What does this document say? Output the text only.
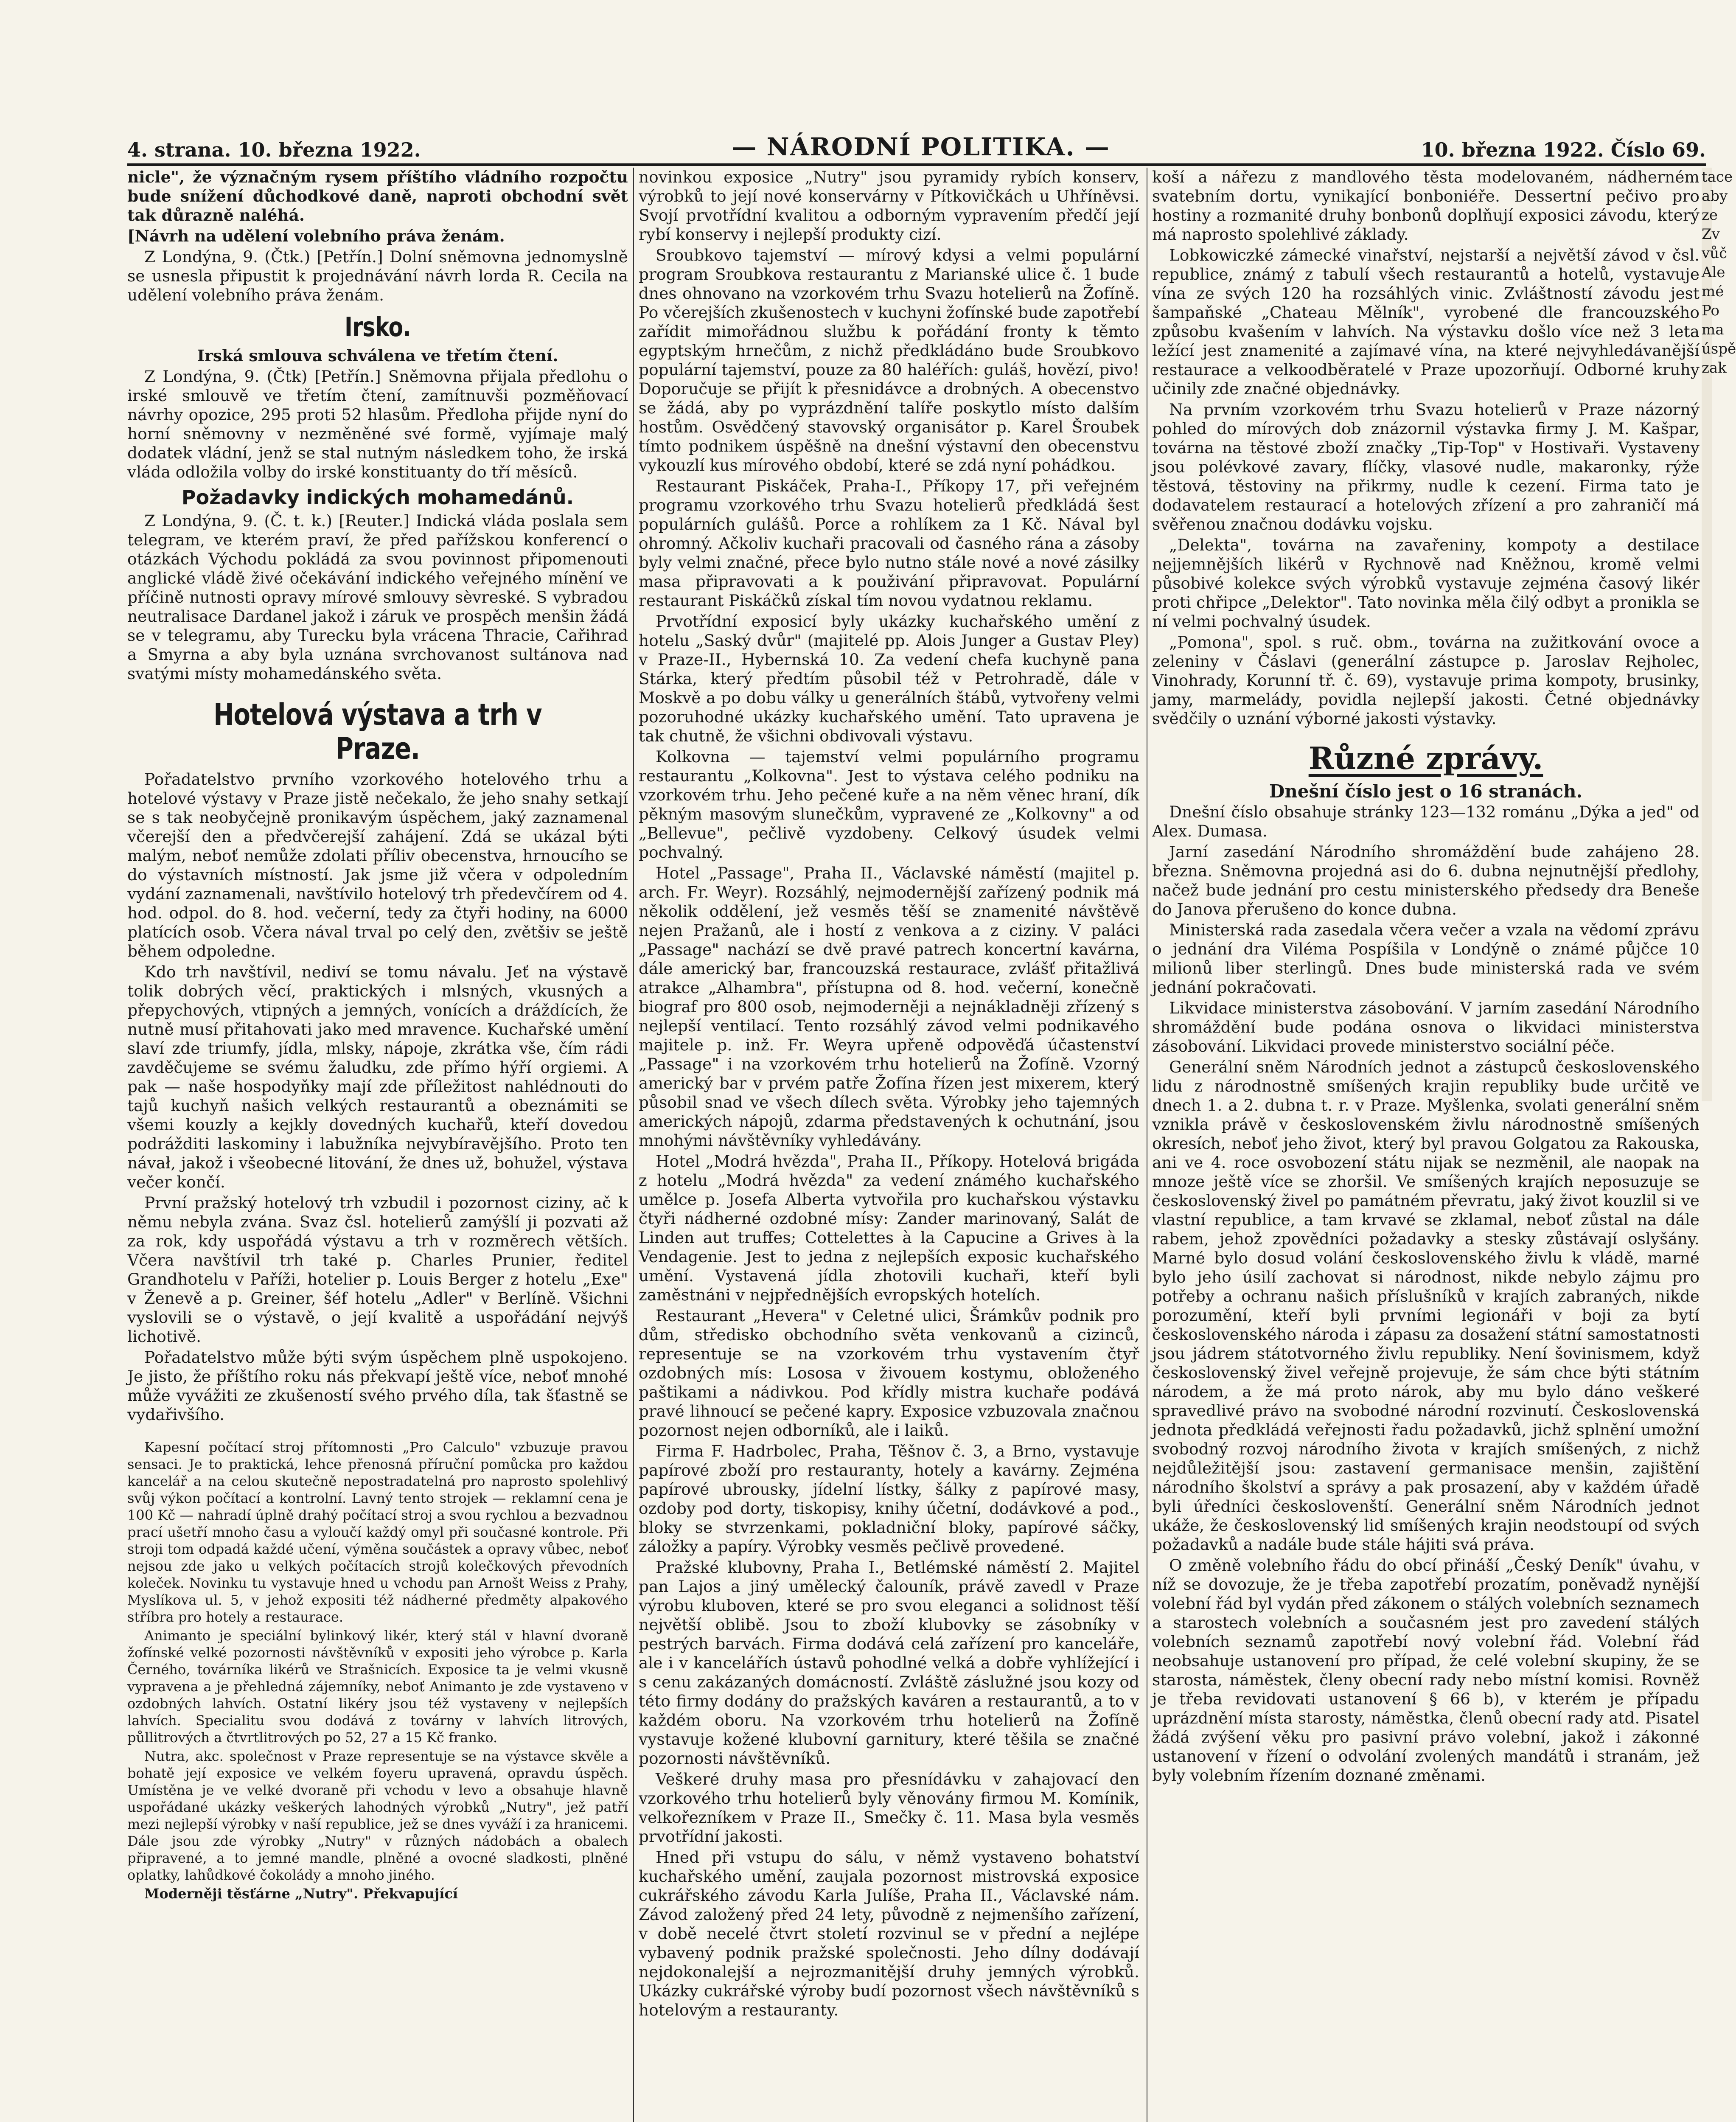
4. strana. 10. března 1922.	— NÁRODNÍ POLITIKA. —	10. března 1922. Číslo 69.

nicle", že význačným rysem příštího vládního rozpočtu bude snížení důchodkové daně, naproti obchodní svět tak důrazně naléhá.

[Návrh na udělení volebního práva ženám.

Z Londýna, 9. (Čtk.) [Petřín.] Dolní sněmovna jednomyslně se usnesla připustit k projednávání návrh lorda R. Cecila na udělení volebního práva ženám.

Irsko.

Irská smlouva schválena ve třetím čtení.

Z Londýna, 9. (Čtk) [Petřín.] Sněmovna přijala předlohu o irské smlouvě ve třetím čtení, zamítnuvši pozměňovací návrhy opozice, 295 proti 52 hlasům. Předloha přijde nyní do horní sněmovny v nezměněné své formě, vyjímaje malý dodatek vládní, jenž se stal nutným následkem toho, že irská vláda odložila volby do irské konstituanty do tří měsíců.

Požadavky indických mohamedánů.

Z Londýna, 9. (Č. t. k.) [Reuter.] Indická vláda poslala sem telegram, ve kterém praví, že před pařížskou konferencí o otázkách Východu pokládá za svou povinnost připomenouti anglické vládě živé očekávání indického veřejného mínění ve příčině nutnosti opravy mírové smlouvy sèvreské. S vybradou neutralisace Dardanel jakož i záruk ve prospěch menšin žádá se v telegramu, aby Turecku byla vrácena Thracie, Cařihrad a Smyrna a aby byla uznána svrchovanost sultánova nad svatými místy mohamedánského světa.

Hotelová výstava a trh v Praze.

Pořadatelstvo prvního vzorkového hotelového trhu a hotelové výstavy v Praze jistě nečekalo, že jeho snahy setkají se s tak neobyčejně pronikavým úspěchem, jaký zaznamenal včerejší den a předvčerejší zahájení. Zdá se ukázal býti malým, neboť nemůže zdolati příliv obecenstva, hrnoucího se do výstavních místností. Jak jsme již včera v odpoledním vydání zaznamenali, navštívilo hotelový trh předevčírem od 4. hod. odpol. do 8. hod. večerní, tedy za čtyři hodiny, na 6000 platících osob. Včera nával trval po celý den, zvětšiv se ještě během odpoledne.

Kdo trh navštívil, nediví se tomu návalu. Jeť na výstavě tolik dobrých věcí, praktických i mlsných, vkusných a přepychových, vtipných a jemných, vonících a dráždících, že nutně musí přitahovati jako med mravence. Kuchařské umění slaví zde triumfy, jídla, mlsky, nápoje, zkrátka vše, čím rádi zavděčujeme se svému žaludku, zde přímo hýří orgiemi. A pak — naše hospodyňky mají zde příležitost nahlédnouti do tajů kuchyň našich velkých restaurantů a obeznámiti se všemi kouzly a kejkly dovedných kuchařů, kteří dovedou podrážditi laskominy i labužníka nejvybíravějšího. Proto ten návał, jakož i všeobecné litování, že dnes už, bohužel, výstava večer končí.

První pražský hotelový trh vzbudil i pozornost ciziny, ač k němu nebyla zvána. Svaz čsl. hotelierů zamýšlí ji pozvati až za rok, kdy uspořádá výstavu a trh v rozměrech větších. Včera navštívil trh také p. Charles Prunier, ředitel Grandhotelu v Paříži, hotelier p. Louis Berger z hotelu „Exe" v Ženevě a p. Greiner, šéf hotelu „Adler" v Berlíně. Všichni vyslovili se o výstavě, o její kvalitě a uspořádání nejvýš lichotivě.

Pořadatelstvo může býti svým úspěchem plně uspokojeno. Je jisto, že příštího roku nás překvapí ještě více, neboť mnohé může vyvážiti ze zkušeností svého prvého díla, tak šťastně se vydařivšího.

Kapesní počítací stroj přítomnosti „Pro Calculo" vzbuzuje pravou sensaci. Je to praktická, lehce přenosná příruční pomůcka pro každou kancelář a na celou skutečně nepostradatelná pro naprosto spolehlivý svůj výkon počítací a kontrolní. Lavný tento strojek — reklamní cena je 100 Kč — nahradí úplně drahý počítací stroj a svou rychlou a bezvadnou prací ušetří mnoho času a vyloučí každý omyl při současné kontrole. Při stroji tom odpadá každé učení, výměna součástek a opravy vůbec, neboť nejsou zde jako u velkých počítacích strojů kolečkových převodních koleček. Novinku tu vystavuje hned u vchodu pan Arnošt Weiss z Prahy, Myslíkova ul. 5, v jehož expositi též nádherné předměty alpakového stříbra pro hotely a restaurace.

Animanto je speciální bylinkový likér, který stál v hlavní dvoraně žofínské velké pozornosti návštěvníků v expositi jeho výrobce p. Karla Černého, továrníka likérů ve Strašnicích. Exposice ta je velmi vkusně vypravena a je přehledná zájemníky, neboť Animanto je zde vystaveno v ozdobných lahvích. Ostatní likéry jsou též vystaveny v nejlepších lahvích. Specialitu svou dodává z továrny v lahvích litrových, půllitrových a čtvrtlitrových po 52, 27 a 15 Kč franko.

Nutra, akc. společnost v Praze representuje se na výstavce skvěle a bohatě její exposice ve velkém foyeru upravená, opravdu úspěch. Umístěna je ve velké dvoraně při vchodu v levo a obsahuje hlavně uspořádané ukázky veškerých lahodných výrobků „Nutry", jež patří mezi nejlepší výrobky v naší republice, jež se dnes vyváží i za hranicemi. Dále jsou zde výrobky „Nutry" v různých nádobách a obalech připravené, a to jemné mandle, plněné a ovocné sladkosti, plněné oplatky, lahůdkové čokolády a mnoho jiného.

Moderněji těsťárne „Nutry". Překvapující

novinkou exposice „Nutry" jsou pyramidy rybích konserv, výrobků to její nové konservárny v Pítkovičkách u Uhříněvsi. Svojí prvotřídní kvalitou a odborným vypravením předčí její rybí konservy i nejlepší produkty cizí.

Sroubkovo tajemství — mírový kdysi a velmi populární program Sroubkova restaurantu z Marianské ulice č. 1 bude dnes ohnovano na vzorkovém trhu Svazu hotelierů na Žofíně. Po včerejších zkušenostech v kuchyni žofínské bude zapotřebí zařídit mimořádnou službu k pořádání fronty k těmto egyptským hrnečům, z nichž předkládáno bude Sroubkovo populární tajemství, pouze za 80 haléřích: guláš, hovězí, pivo! Doporučuje se přijít k přesnidávce a drobných. A obecenstvo se žádá, aby po vyprázdnění talíře poskytlo místo dalším hostům. Osvědčený stavovský organisátor p. Karel Šroubek tímto podnikem úspěšně na dnešní výstavní den obecenstvu vykouzlí kus mírového období, které se zdá nyní pohádkou.

Restaurant Piskáček, Praha-I., Příkopy 17, při veřejném programu vzorkového trhu Svazu hotelierů předkládá šest populárních gulášů. Porce a rohlíkem za 1 Kč. Nával byl ohromný. Ačkoliv kuchaři pracovali od časného rána a zásoby byly velmi značné, přece bylo nutno stále nové a nové zásilky masa připravovati a k použivání připravovat. Populární restaurant Piskáčků získal tím novou vydatnou reklamu.

Prvotřídní exposicí byly ukázky kuchařského umění z hotelu „Saský dvůr" (majitelé pp. Alois Junger a Gustav Pley) v Praze-II., Hybernská 10. Za vedení chefa kuchyně pana Stárka, který předtím působil též v Petrohradě, dále v Moskvě a po dobu války u generálních štábů, vytvořeny velmi pozoruhodné ukázky kuchařského umění. Tato upravena je tak chutně, že všichni obdivovali výstavu.

Kolkovna — tajemství velmi populárního programu restaurantu „Kolkovna". Jest to výstava celého podniku na vzorkovém trhu. Jeho pečené kuře a na něm věnec hraní, dík pěkným masovým slunečkům, vypravené ze „Kolkovny" a od „Bellevue", pečlivě vyzdobeny. Celkový úsudek velmi pochvalný.

Hotel „Passage", Praha II., Václavské náměstí (majitel p. arch. Fr. Weyr). Rozsáhlý, nejmodernější zařízený podnik má několik oddělení, jež vesměs těší se znamenité návštěvě nejen Pražanů, ale i hostí z venkova a z ciziny. V paláci „Passage" nachází se dvě pravé patrech koncertní kavárna, dále americký bar, francouzská restaurace, zvlášť přitažlivá atrakce „Alhambra", přístupna od 8. hod. večerní, konečně biograf pro 800 osob, nejmoderněji a nejnákladněji zřízený s nejlepší ventilací. Tento rozsáhlý závod velmi podnikavého majitele p. inž. Fr. Weyra upřeně odpověďá účastenství „Passage" i na vzorkovém trhu hotelierů na Žofíně. Vzorný americký bar v prvém patře Žofína řízen jest mixerem, který působil snad ve všech dílech světa. Výrobky jeho tajemných amerických nápojů, zdarma představených k ochutnání, jsou mnohými návštěvníky vyhledávány.

Hotel „Modrá hvězda", Praha II., Příkopy. Hotelová brigáda z hotelu „Modrá hvězda" za vedení známého kuchařského umělce p. Josefa Alberta vytvořila pro kuchařskou výstavku čtyři nádherné ozdobné mísy: Zander marinovaný, Salát de Linden aut truffes; Cottelettes à la Capucine a Grives à la Vendagenie. Jest to jedna z nejlepších exposic kuchařského umění. Vystavená jídla zhotovili kuchaři, kteří byli zaměstnáni v nejpřednějších evropských hotelích.

Restaurant „Hevera" v Celetné ulici, Šrámkův podnik pro dům, středisko obchodního světa venkovanů a cizinců, representuje se na vzorkovém trhu vystavením čtyř ozdobných mís: Lososa v živouem kostymu, obloženého paštikami a nádivkou. Pod křídly mistra kuchaře podává pravé lihnoucí se pečené kapry. Exposice vzbuzovala značnou pozornost nejen odborníků, ale i laiků.

Firma F. Hadrbolec, Praha, Těšnov č. 3, a Brno, vystavuje papírové zboží pro restauranty, hotely a kavárny. Zejména papírové ubrousky, jídelní lístky, šálky z papírové masy, ozdoby pod dorty, tiskopisy, knihy účetní, dodávkové a pod., bloky se stvrzenkami, pokladniční bloky, papírové sáčky, záložky a papíry. Výrobky vesměs pečlivě provedené.

Pražské klubovny, Praha I., Betlémské náměstí 2. Majitel pan Lajos a jiný umělecký čalouník, právě zavedl v Praze výrobu kluboven, které se pro svou eleganci a solidnost těší největší oblibě. Jsou to zboží klubovky se zásobníky v pestrých barvách. Firma dodává celá zařízení pro kanceláře, ale i v kancelářích ústavů pohodlné velká a dobře vyhlížející i s cenu zakázaných domácností. Zvláště záslužné jsou kozy od této firmy dodány do pražských kaváren a restaurantů, a to v každém oboru. Na vzorkovém trhu hotelierů na Žofíně vystavuje kožené klubovní garnitury, které těšila se značné pozornosti návštěvníků.

Veškeré druhy masa pro přesnídávku v zahajovací den vzorkového trhu hotelierů byly věnovány firmou M. Komínik, velkořezníkem v Praze II., Smečky č. 11. Masa byla vesměs prvotřídní jakosti.

Hned při vstupu do sálu, v němž vystaveno bohatství kuchařského umění, zaujala pozornost mistrovská exposice cukrářského závodu Karla Julíše, Praha II., Václavské nám. Závod založený před 24 lety, původně z nejmenšího zařízení, v době necelé čtvrt století rozvinul se v přední a nejlépe vybavený podnik pražské společnosti. Jeho dílny dodávají nejdokonalejší a nejrozmanitější druhy jemných výrobků. Ukázky cukrářské výroby budí pozornost všech návštěvníků s hotelovým a restauranty.

koší a nářezu z mandlového těsta modelovaném, nádherném svatebním dortu, vynikající bonboniéře. Dessertní pečivo pro hostiny a rozmanité druhy bonbonů doplňují exposici závodu, který má naprosto spolehlivé základy.

Lobkowiczké zámecké vinařství, nejstarší a největší závod v čsl. republice, známý z tabulí všech restaurantů a hotelů, vystavuje vína ze svých 120 ha rozsáhlých vinic. Zvláštností závodu jest šampaňské „Chateau Mělník", vyrobené dle francouzského způsobu kvašením v lahvích. Na výstavku došlo více než 3 leta ležící jest znamenité a zajímavé vína, na které nejvyhledávanější restaurace a velkoodběratelé v Praze upozorňují. Odborné kruhy učinily zde značné objednávky.

Na prvním vzorkovém trhu Svazu hotelierů v Praze názorný pohled do mírových dob znázornil výstavka firmy J. M. Kašpar, továrna na těstové zboží značky „Tip-Top" v Hostivaři. Vystaveny jsou polévkové zavary, flíčky, vlasové nudle, makaronky, rýže těstová, těstoviny na přikrmy, nudle k cezení. Firma tato je dodavatelem restaurací a hotelových zřízení a pro zahraničí má svěřenou značnou dodávku vojsku.

„Delekta", továrna na zavařeniny, kompoty a destilace nejjemnějších likérů v Rychnově nad Kněžnou, kromě velmi působivé kolekce svých výrobků vystavuje zejména časový likér proti chřipce „Delektor". Tato novinka měla čilý odbyt a pronikla se ní velmi pochvalný úsudek.

„Pomona", spol. s ruč. obm., továrna na zužitkování ovoce a zeleniny v Čáslavi (generální zástupce p. Jaroslav Rejholec, Vinohrady, Korunní tř. č. 69), vystavuje prima kompoty, brusinky, jamy, marmelády, povidla nejlepší jakosti. Četné objednávky svědčily o uznání výborné jakosti výstavky.

Různé zprávy.

Dnešní číslo jest o 16 stranách.

Dnešní číslo obsahuje stránky 123—132 románu „Dýka a jed" od Alex. Dumasa.

Jarní zasedání Národního shromáždění bude zahájeno 28. března. Sněmovna projedná asi do 6. dubna nejnutnější předlohy, načež bude jednání pro cestu ministerského předsedy dra Beneše do Janova přerušeno do konce dubna.

Ministerská rada zasedala včera večer a vzala na vědomí zprávu o jednání dra Viléma Pospíšila v Londýně o známé půjčce 10 milionů liber sterlingů. Dnes bude ministerská rada ve svém jednání pokračovati.

Likvidace ministerstva zásobování. V jarním zasedání Národního shromáždění bude podána osnova o likvidaci ministerstva zásobování. Likvidaci provede ministerstvo sociální péče.

Generální sněm Národních jednot a zástupců československého lidu z národnostně smíšených krajin republiky bude určitě ve dnech 1. a 2. dubna t. r. v Praze. Myšlenka, svolati generální sněm vznikla právě v československém živlu národnostně smíšených okresích, neboť jeho život, který byl pravou Golgatou za Rakouska, ani ve 4. roce osvobození státu nijak se nezměnil, ale naopak na mnoze ještě více se zhoršil. Ve smíšených krajích neposuzuje se československý živel po památném převratu, jaký život kouzlil si ve vlastní republice, a tam krvavé se zklamal, neboť zůstal na dále rabem, jehož zpovědníci požadavky a stesky zůstávají oslyšány. Marné bylo dosud volání československého živlu k vládě, marné bylo jeho úsilí zachovat si národnost, nikde nebylo zájmu pro potřeby a ochranu našich příslušníků v krajích zabraných, nikde porozumění, kteří byli prvními legionáři v boji za bytí československého národa i zápasu za dosažení státní samostatnosti jsou jádrem státotvorného živlu republiky. Není šovinismem, když československý živel veřejně projevuje, že sám chce býti státním národem, a že má proto nárok, aby mu bylo dáno veškeré spravedlivé právo na svobodné národní rozvinutí. Československá jednota předkládá veřejnosti řadu požadavků, jichž splnění umožní svobodný rozvoj národního života v krajích smíšených, z nichž nejdůležitější jsou: zastavení germanisace menšin, zajištění národního školství a správy a pak prosazení, aby v každém úřadě byli úředníci českoslovenští. Generální sněm Národních jednot ukáže, že československý lid smíšených krajin neodstoupí od svých požadavků a nadále bude stále hájiti svá práva.

O změně volebního řádu do obcí přináší „Český Deník" úvahu, v níž se dovozuje, že je třeba zapotřebí prozatím, poněvadž nynější volební řád byl vydán před zákonem o stálých volebních seznamech a starostech volebních a současném jest pro zavedení stálých volebních seznamů zapotřebí nový volební řád. Volební řád neobsahuje ustanovení pro případ, že celé volební skupiny, že se starosta, náměstek, členy obecní rady nebo místní komisi. Rovněž je třeba revidovati ustanovení § 66 b), v kterém je případu uprázdnění místa starosty, náměstka, členů obecní rady atd. Pisatel žádá zvýšení věku pro pasivní právo volební, jakož i zákonné ustanovení v řízení o odvolání zvolených mandátů i stranám, jež byly volebním řízením doznané změnami.

tace
aby
ze
Zv
vůč
Ale
mé
Po
ma
úspě
zak
